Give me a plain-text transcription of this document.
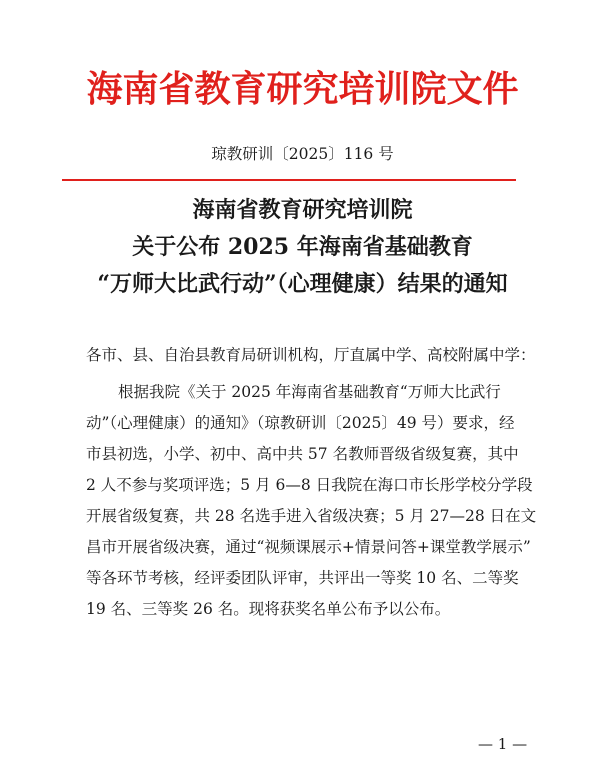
海南省教育研究培训院文件
琼教研训〔2025〕116 号
海南省教育研究培训院
关于公布 2025 年海南省基础教育
“万师大比武行动”（心理健康）结果的通知
各市、县、自治县教育局研训机构，厅直属中学、高校附属中学：
根据我院《关于 2025 年海南省基础教育“万师大比武行
动”（心理健康）的通知》（琼教研训〔2025〕49 号）要求，经
市县初选，小学、初中、高中共 57 名教师晋级省级复赛，其中
2 人不参与奖项评选；5 月 6—8 日我院在海口市长彤学校分学段
开展省级复赛，共 28 名选手进入省级决赛；5 月 27—28 日在文
昌市开展省级决赛，通过“视频课展示+情景问答+课堂教学展示”
等各环节考核，经评委团队评审，共评出一等奖 10 名、二等奖
19 名、三等奖 26 名。现将获奖名单公布予以公布。
— 1 —
